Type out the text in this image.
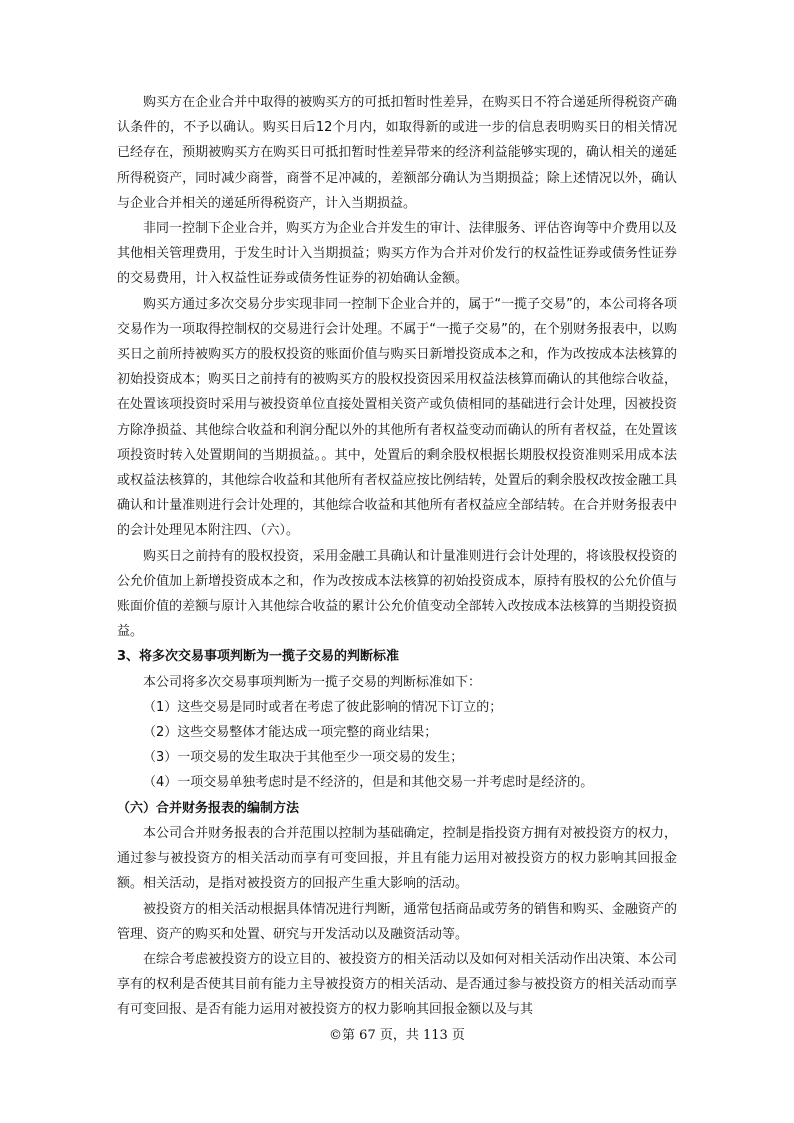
购买方在企业合并中取得的被购买方的可抵扣暂时性差异，在购买日不符合递延所得税资产确认条件的，不予以确认。购买日后12个月内，如取得新的或进一步的信息表明购买日的相关情况已经存在，预期被购买方在购买日可抵扣暂时性差异带来的经济利益能够实现的，确认相关的递延所得税资产，同时减少商誉，商誉不足冲减的，差额部分确认为当期损益；除上述情况以外，确认与企业合并相关的递延所得税资产，计入当期损益。

非同一控制下企业合并，购买方为企业合并发生的审计、法律服务、评估咨询等中介费用以及其他相关管理费用，于发生时计入当期损益；购买方作为合并对价发行的权益性证券或债务性证券的交易费用，计入权益性证券或债务性证券的初始确认金额。

购买方通过多次交易分步实现非同一控制下企业合并的，属于“一揽子交易”的，本公司将各项交易作为一项取得控制权的交易进行会计处理。不属于“一揽子交易”的，在个别财务报表中，以购买日之前所持被购买方的股权投资的账面价值与购买日新增投资成本之和，作为改按成本法核算的初始投资成本；购买日之前持有的被购买方的股权投资因采用权益法核算而确认的其他综合收益，在处置该项投资时采用与被投资单位直接处置相关资产或负债相同的基础进行会计处理，因被投资方除净损益、其他综合收益和利润分配以外的其他所有者权益变动而确认的所有者权益，在处置该项投资时转入处置期间的当期损益。。其中，处置后的剩余股权根据长期股权投资准则采用成本法或权益法核算的，其他综合收益和其他所有者权益应按比例结转，处置后的剩余股权改按金融工具确认和计量准则进行会计处理的，其他综合收益和其他所有者权益应全部结转。在合并财务报表中的会计处理见本附注四、（六）。

购买日之前持有的股权投资，采用金融工具确认和计量准则进行会计处理的，将该股权投资的公允价值加上新增投资成本之和，作为改按成本法核算的初始投资成本，原持有股权的公允价值与账面价值的差额与原计入其他综合收益的累计公允价值变动全部转入改按成本法核算的当期投资损益。

3、将多次交易事项判断为一揽子交易的判断标准

本公司将多次交易事项判断为一揽子交易的判断标准如下：

（1）这些交易是同时或者在考虑了彼此影响的情况下订立的；

（2）这些交易整体才能达成一项完整的商业结果；

（3）一项交易的发生取决于其他至少一项交易的发生；

（4）一项交易单独考虑时是不经济的，但是和其他交易一并考虑时是经济的。

（六）合并财务报表的编制方法

本公司合并财务报表的合并范围以控制为基础确定，控制是指投资方拥有对被投资方的权力，通过参与被投资方的相关活动而享有可变回报，并且有能力运用对被投资方的权力影响其回报金额。相关活动，是指对被投资方的回报产生重大影响的活动。

被投资方的相关活动根据具体情况进行判断，通常包括商品或劳务的销售和购买、金融资产的管理、资产的购买和处置、研究与开发活动以及融资活动等。

在综合考虑被投资方的设立目的、被投资方的相关活动以及如何对相关活动作出决策、本公司享有的权利是否使其目前有能力主导被投资方的相关活动、是否通过参与被投资方的相关活动而享有可变回报、是否有能力运用对被投资方的权力影响其回报金额以及与其

©第 67 页，共 113 页
